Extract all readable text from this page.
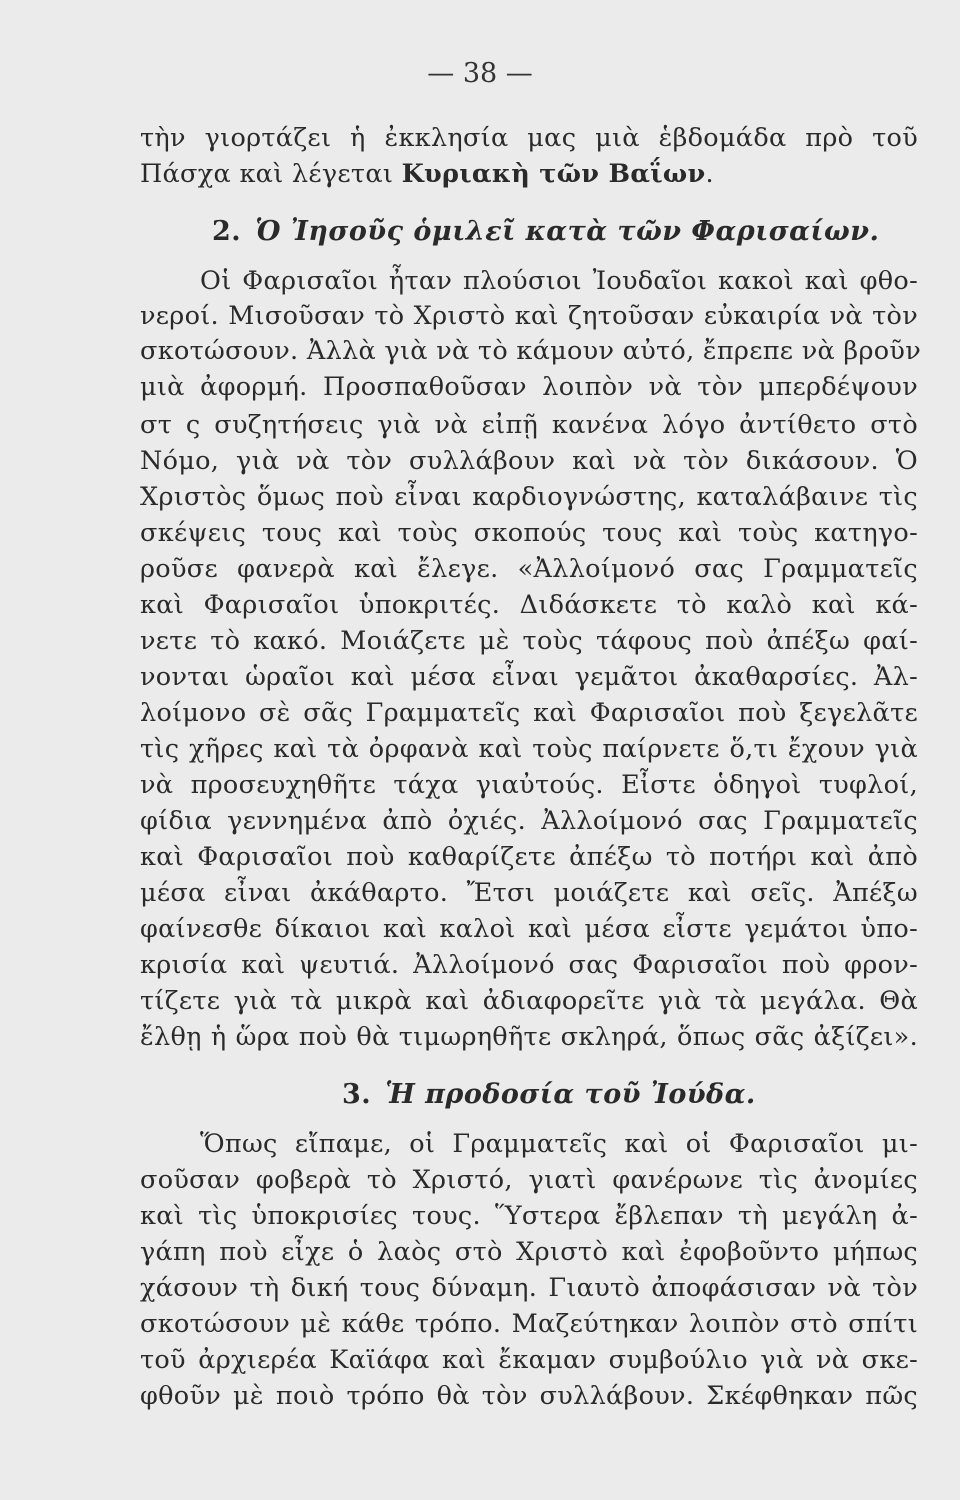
— 38 —
τὴν γιορτάζει ἡ ἐκκλησία μας μιὰ ἑβδομάδα πρὸ τοῦ
Πάσχα καὶ λέγεται Κυριακὴ τῶν Βαΐων.
2. Ὁ Ἰησοῦς ὁμιλεῖ κατὰ τῶν Φαρισαίων.
Οἱ Φαρισαῖοι ἦταν πλούσιοι Ἰουδαῖοι κακοὶ καὶ φθο-
νεροί. Μισοῦσαν τὸ Χριστὸ καὶ ζητοῦσαν εὐκαιρία νὰ τὸν
σκοτώσουν. Ἀλλὰ γιὰ νὰ τὸ κάμουν αὐτό, ἔπρεπε νὰ βροῦν
μιὰ ἀφορμή. Προσπαθοῦσαν λοιπὸν νὰ τὸν μπερδέψουν
στ ς συζητήσεις γιὰ νὰ εἰπῇ κανένα λόγο ἀντίθετο στὸ
Νόμο, γιὰ νὰ τὸν συλλάβουν καὶ νὰ τὸν δικάσουν. Ὁ
Χριστὸς ὅμως ποὺ εἶναι καρδιογνώστης, καταλάβαινε τὶς
σκέψεις τους καὶ τοὺς σκοπούς τους καὶ τοὺς κατηγο-
ροῦσε φανερὰ καὶ ἔλεγε. «Ἀλλοίμονό σας Γραμματεῖς
καὶ Φαρισαῖοι ὑποκριτές. Διδάσκετε τὸ καλὸ καὶ κά-
νετε τὸ κακό. Μοιάζετε μὲ τοὺς τάφους ποὺ ἀπέξω φαί-
νονται ὡραῖοι καὶ μέσα εἶναι γεμᾶτοι ἀκαθαρσίες. Ἀλ-
λοίμονο σὲ σᾶς Γραμματεῖς καὶ Φαρισαῖοι ποὺ ξεγελᾶτε
τὶς χῆρες καὶ τὰ ὀρφανὰ καὶ τοὺς παίρνετε ὅ,τι ἔχουν γιὰ
νὰ προσευχηθῆτε τάχα γιαὐτούς. Εἶστε ὁδηγοὶ τυφλοί,
φίδια γεννημένα ἀπὸ ὀχιές. Ἀλλοίμονό σας Γραμματεῖς
καὶ Φαρισαῖοι ποὺ καθαρίζετε ἀπέξω τὸ ποτήρι καὶ ἀπὸ
μέσα εἶναι ἀκάθαρτο. Ἔτσι μοιάζετε καὶ σεῖς. Ἀπέξω
φαίνεσθε δίκαιοι καὶ καλοὶ καὶ μέσα εἶστε γεμάτοι ὑπο-
κρισία καὶ ψευτιά. Ἀλλοίμονό σας Φαρισαῖοι ποὺ φρον-
τίζετε γιὰ τὰ μικρὰ καὶ ἀδιαφορεῖτε γιὰ τὰ μεγάλα. Θὰ
ἔλθῃ ἡ ὥρα ποὺ θὰ τιμωρηθῆτε σκληρά, ὅπως σᾶς ἀξίζει».
3. Ἡ προδοσία τοῦ Ἰούδα.
Ὅπως εἴπαμε, οἱ Γραμματεῖς καὶ οἱ Φαρισαῖοι μι-
σοῦσαν φοβερὰ τὸ Χριστό, γιατὶ φανέρωνε τὶς ἀνομίες
καὶ τὶς ὑποκρισίες τους. Ὕστερα ἔβλεπαν τὴ μεγάλη ἀ-
γάπη ποὺ εἶχε ὁ λαὸς στὸ Χριστὸ καὶ ἐφοβοῦντο μήπως
χάσουν τὴ δική τους δύναμη. Γιαυτὸ ἀποφάσισαν νὰ τὸν
σκοτώσουν μὲ κάθε τρόπο. Μαζεύτηκαν λοιπὸν στὸ σπίτι
τοῦ ἀρχιερέα Καϊάφα καὶ ἔκαμαν συμβούλιο γιὰ νὰ σκε-
φθοῦν μὲ ποιὸ τρόπο θὰ τὸν συλλάβουν. Σκέφθηκαν πῶς
